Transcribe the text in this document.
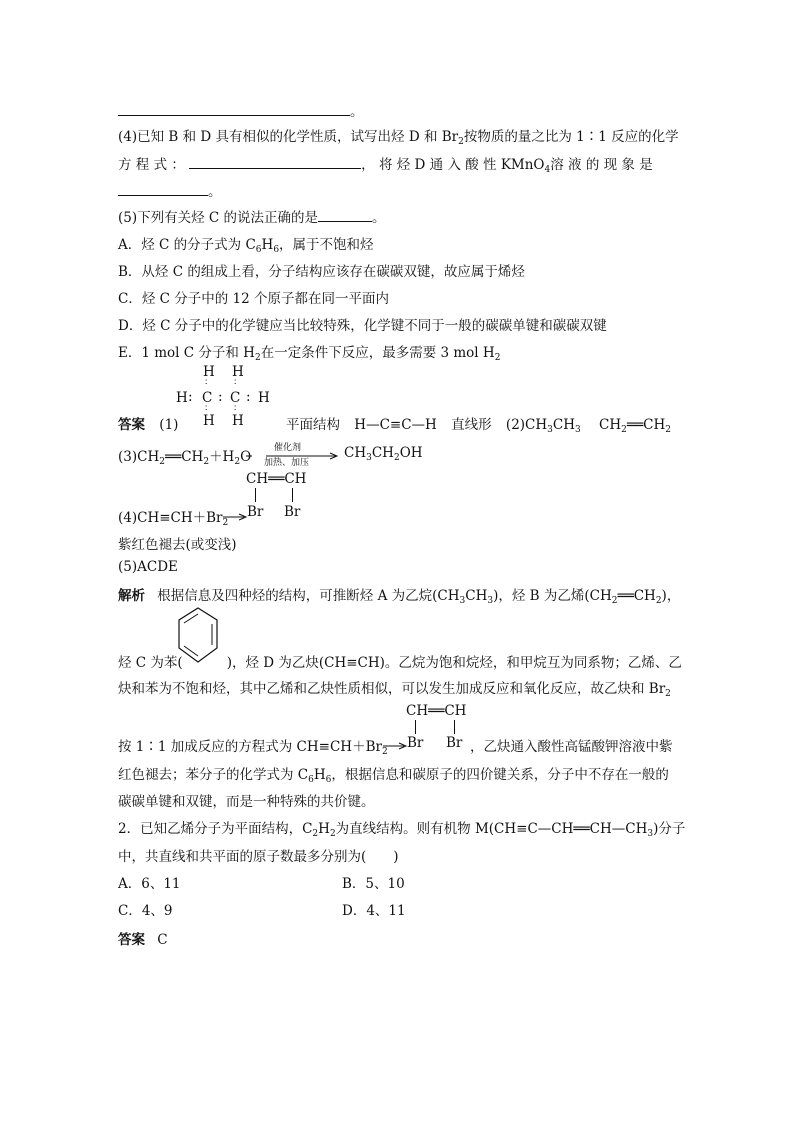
。
(4)已知 B 和 D 具有相似的化学性质，试写出烃 D 和 $Br_2$按物质的量之比为 1∶1 反应的化学
方 程 式 ：	， 将 烃 D 通 入 酸 性 KMnO$_4$溶 液 的 现 象 是
。
(5)下列有关烃 C 的说法正确的是	。
A．烃 C 的分子式为 $C_6H_6$，属于不饱和烃
B．从烃 C 的组成上看，分子结构应该存在碳碳双键，故应属于烯烃
C．烃 C 分子中的 12 个原子都在同一平面内
D．烃 C 分子中的化学键应当比较特殊，化学键不同于一般的碳碳单键和碳碳双键
E．1 mol C 分子和 $H_2$在一定条件下反应，最多需要 3 mol $H_2$
H H
∶	∶
H : C : C : H
∶	∶
H H
答案 (1)	平面结构 H—C≡C—H 直线形 $(2)CH_3CH_3$ $CH_2══CH_2$
$(3)CH_2══CH_2+H_2O$
催化剂
加热、加压
$CH_3CH_2OH$
CH══CH
$(4)CH\equiv CH+Br_2$
Br Br
紫红色褪去(或变浅)
(5)ACDE
解析 根据信息及四种烃的结构，可推断烃 A 为乙烷$(CH_3CH_3)$，烃 B 为乙烯$(CH_2══CH_2)$，
烃 C 为苯(	)，烃 D 为乙炔(CH≡CH)。乙烷为饱和烷烃，和甲烷互为同系物；乙烯、乙
炔和苯为不饱和烃，其中乙烯和乙炔性质相似，可以发生加成反应和氧化反应，故乙炔和 $Br_2$
CH══CH
按 1∶1 加成反应的方程式为 $CH\equiv CH+Br_2$
Br Br ，乙炔通入酸性高锰酸钾溶液中紫
红色褪去；苯分子的化学式为 $C_6H_6$，根据信息和碳原子的四价键关系，分子中不存在一般的
碳碳单键和双键，而是一种特殊的共价键。
2．已知乙烯分子为平面结构，$C_2H_2$为直线结构。则有机物 $M(CH\equiv C—CH══CH—CH_3)$分子
中，共直线和共平面的原子数最多分别为(　　)
A．6、11	B．5、10
C．4、9	D．4、11
答案 C
